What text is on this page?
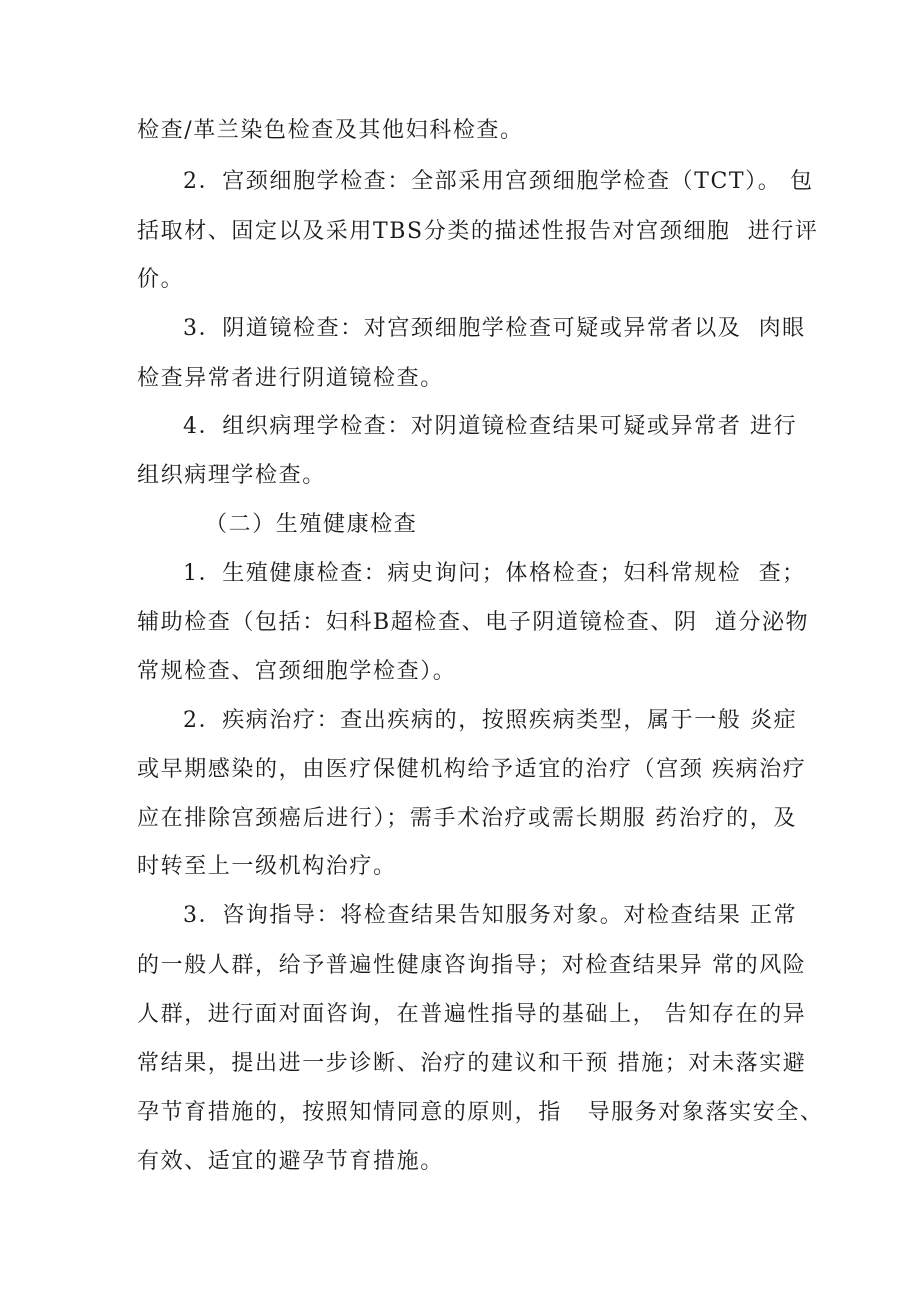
检查/革兰染色检查及其他妇科检查。
2．宫颈细胞学检查：全部采用宫颈细胞学检查（TCT）。 包
括取材、固定以及采用TBS分类的描述性报告对宫颈细胞  进行评
价。
3．阴道镜检查：对宫颈细胞学检查可疑或异常者以及  肉眼
检查异常者进行阴道镜检查。
4．组织病理学检查：对阴道镜检查结果可疑或异常者 进行
组织病理学检查。
（二）生殖健康检查
1．生殖健康检查：病史询问；体格检查；妇科常规检  查；
辅助检查（包括：妇科B超检查、电子阴道镜检查、阴  道分泌物
常规检查、宫颈细胞学检查）。
2．疾病治疗：查出疾病的，按照疾病类型，属于一般 炎症
或早期感染的，由医疗保健机构给予适宜的治疗（宫颈 疾病治疗
应在排除宫颈癌后进行）；需手术治疗或需长期服 药治疗的，及
时转至上一级机构治疗。
3．咨询指导：将检查结果告知服务对象。对检查结果 正常
的一般人群，给予普遍性健康咨询指导；对检查结果异 常的风险
人群，进行面对面咨询，在普遍性指导的基础上， 告知存在的异
常结果，提出进一步诊断、治疗的建议和干预 措施；对未落实避
孕节育措施的，按照知情同意的原则，指   导服务对象落实安全、
有效、适宜的避孕节育措施。
